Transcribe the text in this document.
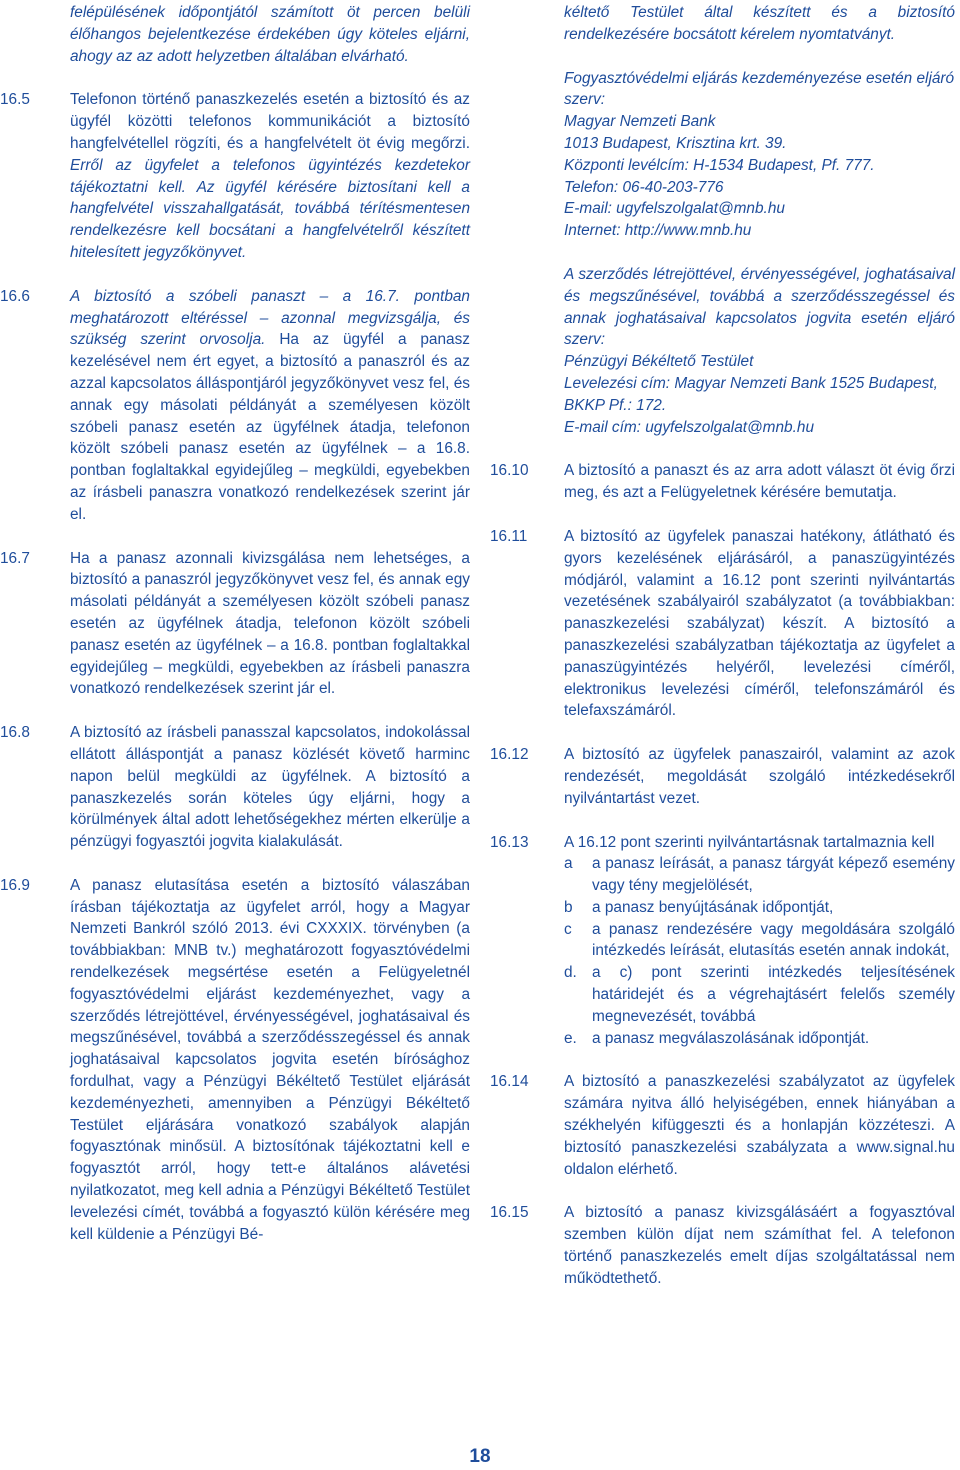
felépülésének időpontjától számított öt percen belüli élőhangos bejelentkezése érdekében úgy köteles eljárni, ahogy az az adott helyzetben általában elvárható.
16.5	Telefonon történő panaszkezelés esetén a biztosító és az ügyfél közötti telefonos kommunikációt a biztosító hangfelvétellel rögzíti, és a hangfelvételt öt évig megőrzi. Erről az ügyfelet a telefonos ügyintézés kezdetekor tájékoztatni kell. Az ügyfél kérésére biztosítani kell a hangfelvétel visszahallgatását, továbbá térítésmentesen rendelkezésre kell bocsátani a hangfelvételről készített hitelesített jegyzőkönyvet.
16.6	A biztosító a szóbeli panaszt – a 16.7. pontban meghatározott eltéréssel – azonnal megvizsgálja, és szükség szerint orvosolja. Ha az ügyfél a panasz kezelésével nem ért egyet, a biztosító a panaszról és az azzal kapcsolatos álláspontjáról jegyzőkönyvet vesz fel, és annak egy másolati példányát a személyesen közölt szóbeli panasz esetén az ügyfélnek átadja, telefonon közölt szóbeli panasz esetén az ügyfélnek – a 16.8. pontban foglaltakkal egyidejűleg – megküldi, egyebekben az írásbeli panaszra vonatkozó rendelkezések szerint jár el.
16.7	Ha a panasz azonnali kivizsgálása nem lehetséges, a biztosító a panaszról jegyzőkönyvet vesz fel, és annak egy másolati példányát a személyesen közölt szóbeli panasz esetén az ügyfélnek átadja, telefonon közölt szóbeli panasz esetén az ügyfélnek – a 16.8. pontban foglaltakkal egyidejűleg – megküldi, egyebekben az írásbeli panaszra vonatkozó rendelkezések szerint jár el.
16.8	A biztosító az írásbeli panasszal kapcsolatos, indokolással ellátott álláspontját a panasz közlését követő harminc napon belül megküldi az ügyfélnek. A biztosító a panaszkezelés során köteles úgy eljárni, hogy a körülmények által adott lehetőségekhez mérten elkerülje a pénzügyi fogyasztói jogvita kialakulását.
16.9	A panasz elutasítása esetén a biztosító válaszában írásban tájékoztatja az ügyfelet arról, hogy a Magyar Nemzeti Bankról szóló 2013. évi CXXXIX. törvényben (a továbbiakban: MNB tv.) meghatározott fogyasztóvédelmi rendelkezések megsértése esetén a Felügyeletnél fogyasztóvédelmi eljárást kezdeményezhet, vagy a szerződés létrejöttével, érvényességével, joghatásaival és megszűnésével, továbbá a szerződésszegéssel és annak joghatásaival kapcsolatos jogvita esetén bírósághoz fordulhat, vagy a Pénzügyi Békéltető Testület eljárását kezdeményezheti, amennyiben a Pénzügyi Békéltető Testület eljárására vonatkozó szabályok alapján fogyasztónak minősül. A biztosítónak tájékoztatni kell e fogyasztót arról, hogy tett-e általános alávetési nyilatkozatot, meg kell adnia a Pénzügyi Békéltető Testület levelezési címét, továbbá a fogyasztó külön kérésére meg kell küldenie a Pénzügyi Bé-
kéltető Testület által készített és a biztosító rendelkezésére bocsátott kérelem nyomtatványt.
Fogyasztóvédelmi eljárás kezdeményezése esetén eljáró szerv:
Magyar Nemzeti Bank
1013 Budapest, Krisztina krt. 39.
Központi levélcím: H-1534 Budapest, Pf. 777.
Telefon: 06-40-203-776
E-mail: ugyfelszolgalat@mnb.hu
Internet: http://www.mnb.hu
A szerződés létrejöttével, érvényességével, joghatásaival és megszűnésével, továbbá a szerződésszegéssel és annak joghatásaival kapcsolatos jogvita esetén eljáró szerv:
Pénzügyi Békéltető Testület
Levelezési cím: Magyar Nemzeti Bank 1525 Budapest, BKKP Pf.: 172.
E-mail cím: ugyfelszolgalat@mnb.hu
16.10	A biztosító a panaszt és az arra adott választ öt évig őrzi meg, és azt a Felügyeletnek kérésére bemutatja.
16.11	A biztosító az ügyfelek panaszai hatékony, átlátható és gyors kezelésének eljárásáról, a panaszügyintézés módjáról, valamint a 16.12 pont szerinti nyilvántartás vezetésének szabályairól szabályzatot (a továbbiakban: panaszkezelési szabályzat) készít. A biztosító a panaszkezelési szabályzatban tájékoztatja az ügyfelet a panaszügyintézés helyéről, levelezési címéről, elektronikus levelezési címéről, telefonszámáról és telefaxszámáról.
16.12	A biztosító az ügyfelek panaszairól, valamint az azok rendezését, megoldását szolgáló intézkedésekről nyilvántartást vezet.
16.13	A 16.12 pont szerinti nyilvántartásnak tartalmaznia kell
a	a panasz leírását, a panasz tárgyát képező esemény vagy tény megjelölését,
b	a panasz benyújtásának időpontját,
c	a panasz rendezésére vagy megoldására szolgáló intézkedés leírását, elutasítás esetén annak indokát,
d. a c) pont szerinti intézkedés teljesítésének határidejét és a végrehajtásért felelős személy megnevezését, továbbá
e. a panasz megválaszolásának időpontját.
16.14	A biztosító a panaszkezelési szabályzatot az ügyfelek számára nyitva álló helyiségében, ennek hiányában a székhelyén kifüggeszti és a honlapján közzéteszi. A biztosító panaszkezelési szabályzata a www.signal.hu oldalon elérhető.
16.15	A biztosító a panasz kivizsgálásáért a fogyasztóval szemben külön díjat nem számíthat fel. A telefonon történő panaszkezelés emelt díjas szolgáltatással nem működtethető.
18
